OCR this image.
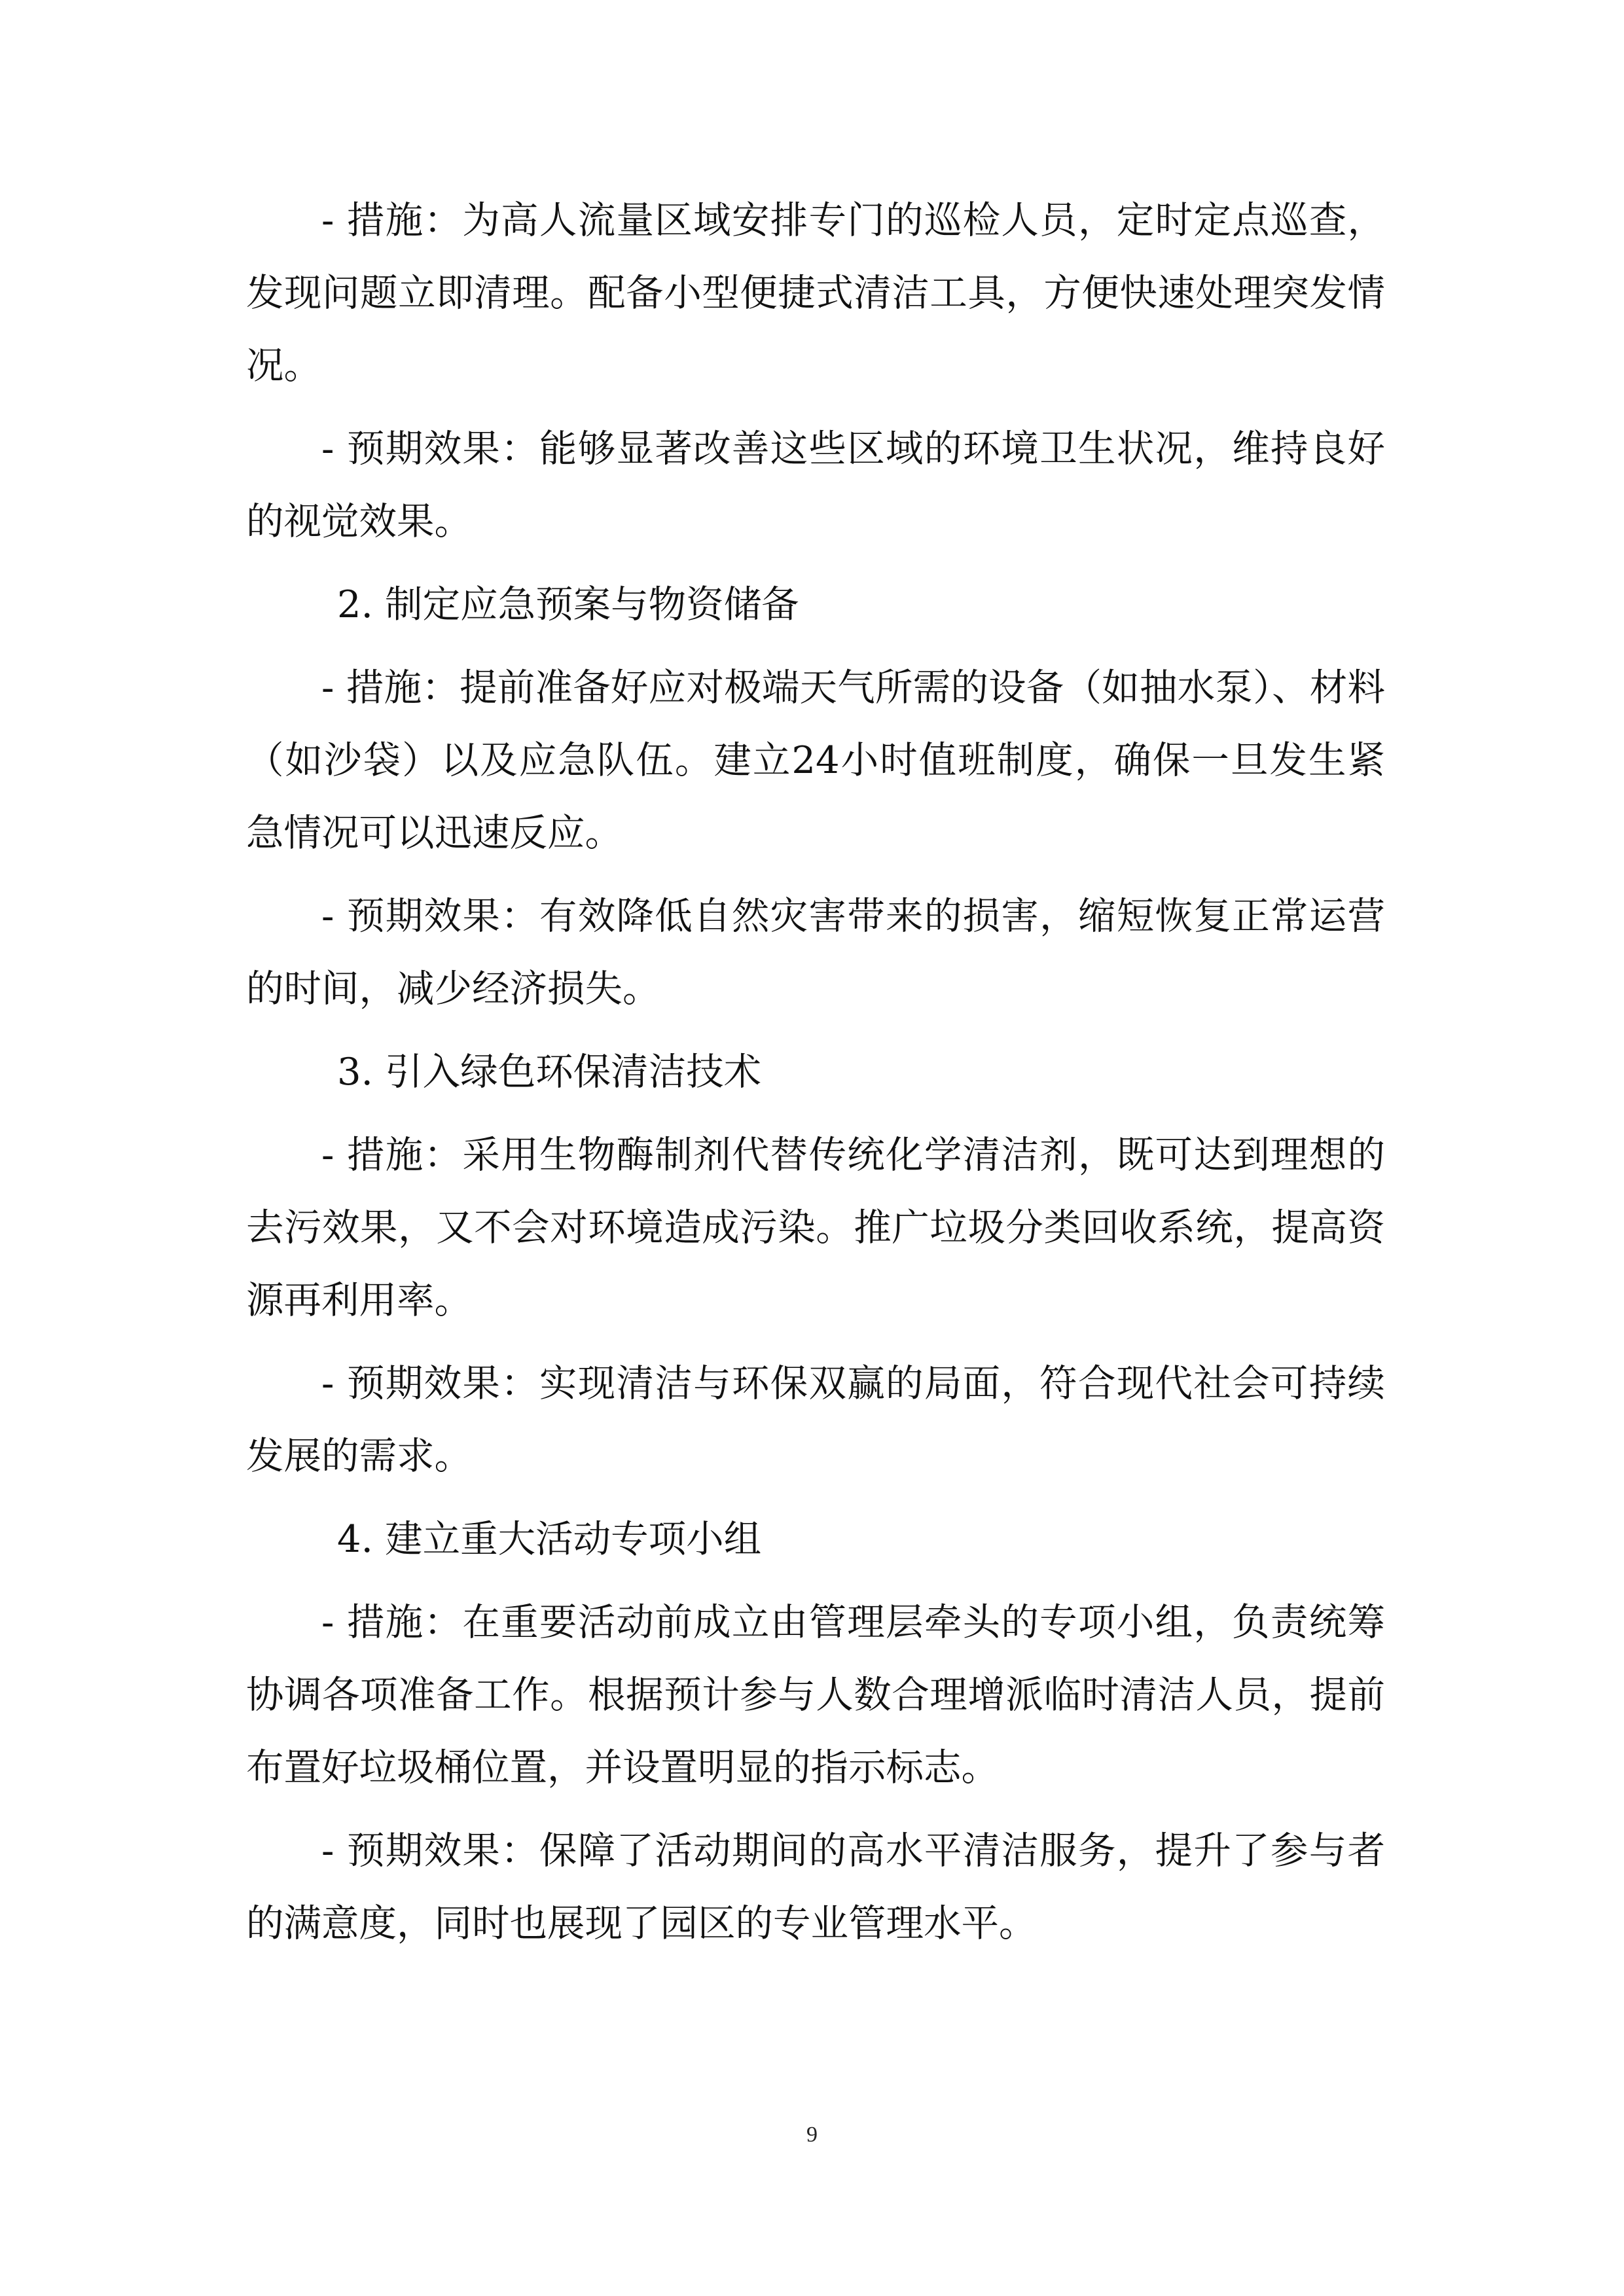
- 措施：为高人流量区域安排专门的巡检人员，定时定点巡查，发现问题立即清理。配备小型便捷式清洁工具，方便快速处理突发情况。

- 预期效果：能够显著改善这些区域的环境卫生状况，维持良好的视觉效果。

2. 制定应急预案与物资储备

- 措施：提前准备好应对极端天气所需的设备（如抽水泵）、材料（如沙袋）以及应急队伍。建立24小时值班制度，确保一旦发生紧急情况可以迅速反应。

- 预期效果：有效降低自然灾害带来的损害，缩短恢复正常运营的时间，减少经济损失。

3. 引入绿色环保清洁技术

- 措施：采用生物酶制剂代替传统化学清洁剂，既可达到理想的去污效果，又不会对环境造成污染。推广垃圾分类回收系统，提高资源再利用率。

- 预期效果：实现清洁与环保双赢的局面，符合现代社会可持续发展的需求。

4. 建立重大活动专项小组

- 措施：在重要活动前成立由管理层牵头的专项小组，负责统筹协调各项准备工作。根据预计参与人数合理增派临时清洁人员，提前布置好垃圾桶位置，并设置明显的指示标志。

- 预期效果：保障了活动期间的高水平清洁服务，提升了参与者的满意度，同时也展现了园区的专业管理水平。

9
